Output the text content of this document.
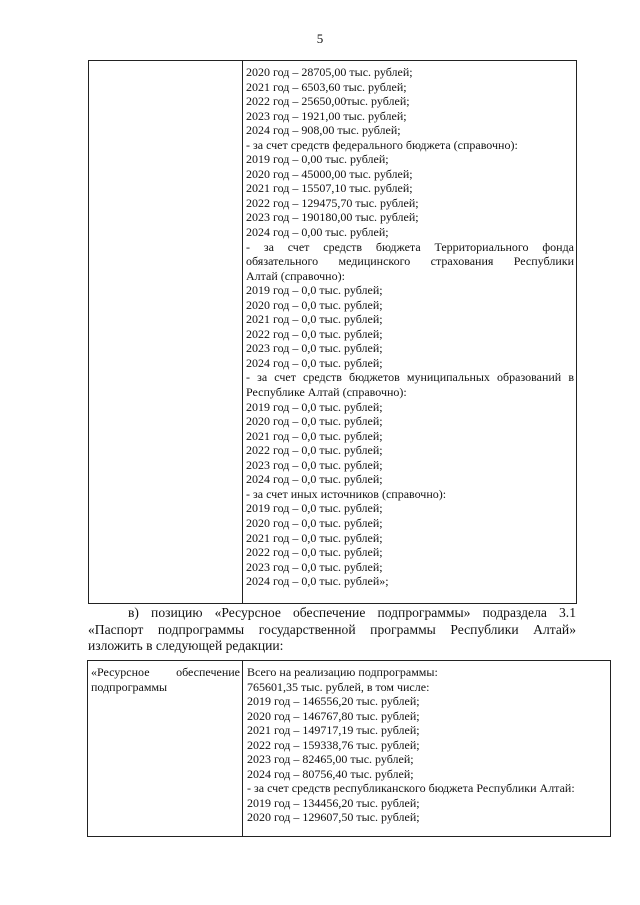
5
2020 год – 28705,00 тыс. рублей;
2021 год – 6503,60 тыс. рублей;
2022 год – 25650,00тыс. рублей;
2023 год – 1921,00 тыс. рублей;
2024 год – 908,00 тыс. рублей;
- за счет средств федерального бюджета (справочно):
2019 год – 0,00 тыс. рублей;
2020 год – 45000,00 тыс. рублей;
2021 год – 15507,10 тыс. рублей;
2022 год – 129475,70 тыс. рублей;
2023 год – 190180,00 тыс. рублей;
2024 год – 0,00 тыс. рублей;
- за счет средств бюджета Территориального фонда
обязательного медицинского страхования Республики
Алтай (справочно):
2019 год – 0,0 тыс. рублей;
2020 год – 0,0 тыс. рублей;
2021 год – 0,0 тыс. рублей;
2022 год – 0,0 тыс. рублей;
2023 год – 0,0 тыс. рублей;
2024 год – 0,0 тыс. рублей;
- за счет средств бюджетов муниципальных образований в
Республике Алтай (справочно):
2019 год – 0,0 тыс. рублей;
2020 год – 0,0 тыс. рублей;
2021 год – 0,0 тыс. рублей;
2022 год – 0,0 тыс. рублей;
2023 год – 0,0 тыс. рублей;
2024 год – 0,0 тыс. рублей;
- за счет иных источников (справочно):
2019 год – 0,0 тыс. рублей;
2020 год – 0,0 тыс. рублей;
2021 год – 0,0 тыс. рублей;
2022 год – 0,0 тыс. рублей;
2023 год – 0,0 тыс. рублей;
2024 год – 0,0 тыс. рублей»;
в) позицию «Ресурсное обеспечение подпрограммы» подраздела 3.1
«Паспорт подпрограммы государственной программы Республики Алтай»
изложить в следующей редакции:
«Ресурсное обеспечение
подпрограммы
Всего на реализацию подпрограммы:
765601,35 тыс. рублей, в том числе:
2019 год – 146556,20 тыс. рублей;
2020 год – 146767,80 тыс. рублей;
2021 год – 149717,19 тыс. рублей;
2022 год – 159338,76 тыс. рублей;
2023 год – 82465,00 тыс. рублей;
2024 год – 80756,40 тыс. рублей;
- за счет средств республиканского бюджета Республики Алтай:
2019 год – 134456,20 тыс. рублей;
2020 год – 129607,50 тыс. рублей;
